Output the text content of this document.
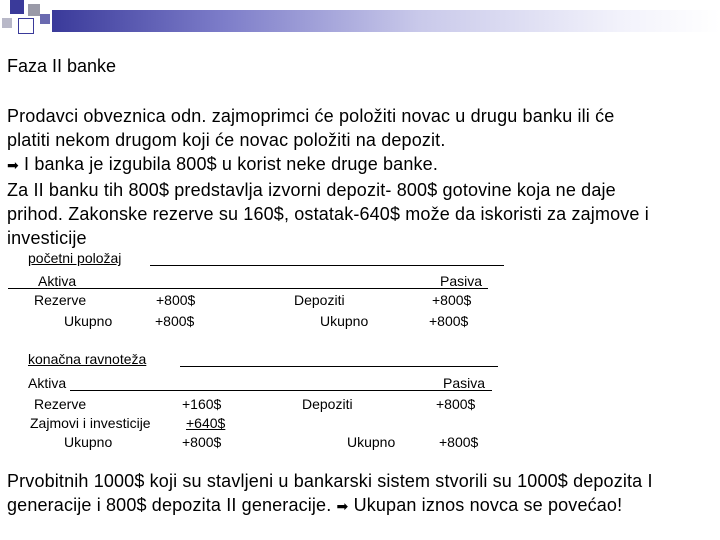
Faza II banke
Prodavci obveznica odn. zajmoprimci će položiti novac u drugu banku ili će
platiti nekom drugom koji će novac položiti na depozit.
➡ I banka je izgubila 800$ u korist neke druge banke.
Za II banku tih 800$ predstavlja izvorni depozit- 800$ gotovine koja ne daje
prihod. Zakonske rezerve su 160$, ostatak-640$ može da iskoristi za zajmove i
investicije
početni položaj
Aktiva	Pasiva
Rezerve	+800$	Depoziti	+800$
Ukupno	+800$	Ukupno	+800$
konačna ravnoteža
Aktiva	Pasiva
Rezerve	+160$	Depoziti	+800$
Zajmovi i investicije	+640$
Ukupno	+800$	Ukupno	+800$
Prvobitnih 1000$ koji su stavljeni u bankarski sistem stvorili su 1000$ depozita I
generacije i 800$ depozita II generacije. ➡ Ukupan iznos novca se povećao!
